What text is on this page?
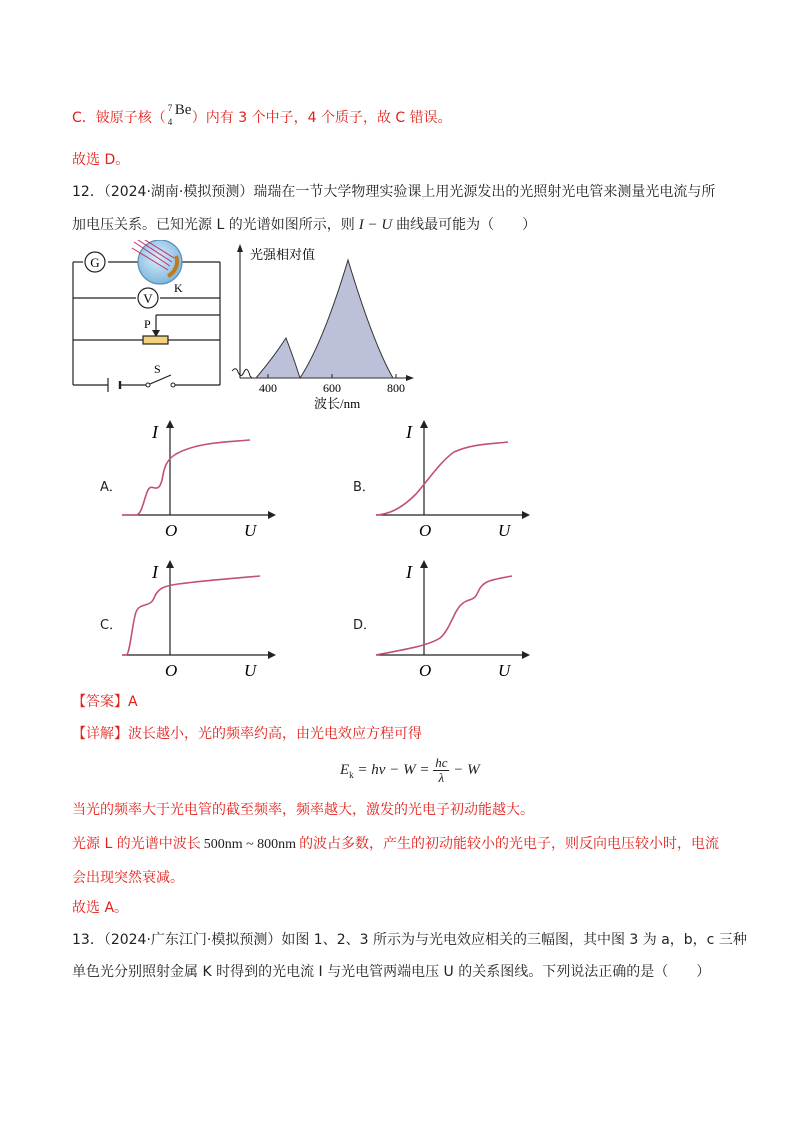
C．铍原子核（
7
4
Be ）内有 3 个中子，4 个质子，故 C 错误。
故选 D。
12．（2024·湖南·模拟预测）瑞瑞在一节大学物理实验课上用光源发出的光照射光电管来测量光电流与所
加电压关系。已知光源 L 的光谱如图所示，则 I − U 曲线最可能为（　　）
G
K
V
P
S
光强相对值
400	600	800
波长/nm
A．	B．
C．	D．
I
O	U
I
O	U
I
O	U
I
O	U
【答案】A
【详解】波长越小，光的频率约高，由光电效应方程可得
$E_k = h\nu - W = \frac{hc}{\lambda} - W$
当光的频率大于光电管的截至频率，频率越大，激发的光电子初动能越大。
光源 L 的光谱中波长 500nm ~ 800nm 的波占多数，产生的初动能较小的光电子，则反向电压较小时，电流
会出现突然衰减。
故选 A。
13．（2024·广东江门·模拟预测）如图 1、2、3 所示为与光电效应相关的三幅图，其中图 3 为 a，b，c 三种
单色光分别照射金属 K 时得到的光电流 I 与光电管两端电压 U 的关系图线。下列说法正确的是（　　）
